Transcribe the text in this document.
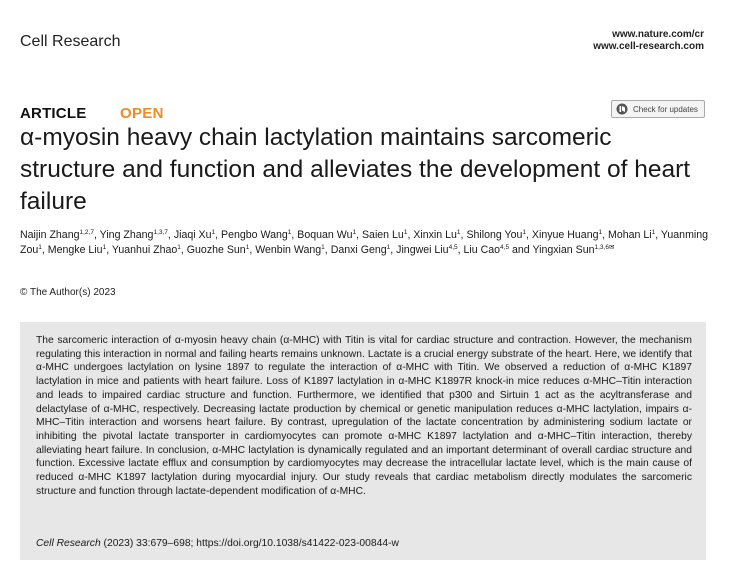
Cell Research	www.nature.com/cr
www.cell-research.com
ARTICLE OPEN	Check for updates
α-myosin heavy chain lactylation maintains sarcomeric structure and function and alleviates the development of heart failure
Naijin Zhang$^{1,2,7}$, Ying Zhang$^{1,3,7}$, Jiaqi Xu$^1$, Pengbo Wang$^1$, Boquan Wu$^1$, Saien Lu$^1$, Xinxin Lu$^1$, Shilong You$^1$, Xinyue Huang$^1$, Mohan Li$^1$, Yuanming Zou$^1$, Mengke Liu$^1$, Yuanhui Zhao$^1$, Guozhe Sun$^1$, Wenbin Wang$^1$, Danxi Geng$^1$, Jingwei Liu$^{4,5}$, Liu Cao$^{4,5}$ and Yingxian Sun$^{1,3,6✉}$
© The Author(s) 2023
The sarcomeric interaction of α-myosin heavy chain (α-MHC) with Titin is vital for cardiac structure and contraction. However, the mechanism regulating this interaction in normal and failing hearts remains unknown. Lactate is a crucial energy substrate of the heart. Here, we identify that α-MHC undergoes lactylation on lysine 1897 to regulate the interaction of α-MHC with Titin. We observed a reduction of α-MHC K1897 lactylation in mice and patients with heart failure. Loss of K1897 lactylation in α-MHC K1897R knock-in mice reduces α-MHC–Titin interaction and leads to impaired cardiac structure and function. Furthermore, we identified that p300 and Sirtuin 1 act as the acyltransferase and delactylase of α-MHC, respectively. Decreasing lactate production by chemical or genetic manipulation reduces α-MHC lactylation, impairs α-MHC–Titin interaction and worsens heart failure. By contrast, upregulation of the lactate concentration by administering sodium lactate or inhibiting the pivotal lactate transporter in cardiomyocytes can promote α-MHC K1897 lactylation and α-MHC–Titin interaction, thereby alleviating heart failure. In conclusion, α-MHC lactylation is dynamically regulated and an important determinant of overall cardiac structure and function. Excessive lactate efflux and consumption by cardiomyocytes may decrease the intracellular lactate level, which is the main cause of reduced α-MHC K1897 lactylation during myocardial injury. Our study reveals that cardiac metabolism directly modulates the sarcomeric structure and function through lactate-dependent modification of α-MHC.
Cell Research (2023) 33:679–698; https://doi.org/10.1038/s41422-023-00844-w
